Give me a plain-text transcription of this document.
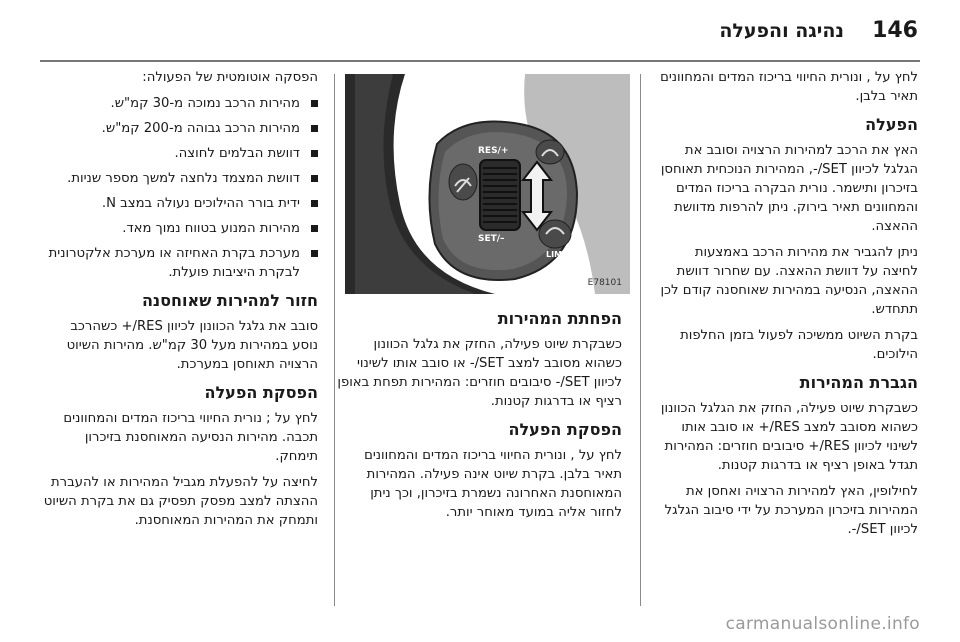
146
נהיגה והפעלה

לחץ על , ונורית החיווי בריכוז המדים והמחוונים תאיר בלבן.

הפעלה

האץ את הרכב למהירות הרצויה וסובב את הגלגל לכיוון SET/-, המהירות הנוכחית תאוחסן בזיכרון ותישמר. נורית הבקרה בריכוז המדים והמחוונים תאיר בירוק. ניתן להרפות מדוושת ההאצה.

ניתן להגביר את מהירות הרכב באמצעות לחיצה על דוושת ההאצה. עם שחרור דוושת ההאצה, הנסיעה במהירות שאוחסנה קודם לכן תתחדש.

בקרת השיוט ממשיכה לפעול בזמן החלפות הילוכים.

הגברת המהירות

כשבקרת שיוט פעילה, החזק את הגלגל הכוונון כשהוא מסובב למצב RES/+ או סובב אותו לשינוי לכיוון RES/+ סיבובים חוזרים: המהירות תגדל באופן רציף או בדרגות קטנות.

לחילופין, האץ למהירות הרצויה ואחסן את המהירות בזיכרון המערכת על ידי סיבוב הגלגל לכיוון SET/-.

RES/+
SET/–
LIM
E78101
הפחתת המהירות

כשבקרת שיוט פעילה, החזק את גלגל הכוונון כשהוא מסובב למצב SET/- או סובב אותו לשינוי לכיוון SET/- סיבובים חוזרים: המהירות תפחת באופן רציף או בדרגות קטנות.

הפסקת הפעלה

לחץ על , ונורית החיווי בריכוז המדים והמחוונים תאיר בלבן. בקרת שיוט אינה פעילה. המהירות המאוחסנת האחרונה נשמרת בזיכרון, וכך ניתן לחזור אליה במועד מאוחר יותר.

הפסקה אוטומטית של הפעולה:

מהירות הרכב נמוכה מ-30 קמ"ש.
מהירות הרכב גבוהה מ-200 קמ"ש.
דוושת הבלמים לחוצה.
דוושת המצמד נלחצה למשך מספר שניות.
ידית בורר ההילוכים נעולה במצב N.
מהירות המנוע בטווח נמוך מאד.
מערכת בקרת האחיזה או מערכת אלקטרונית לבקרת היציבות פועלת.
חזור למהירות שאוחסנה

סובב את גלגל הכוונון לכיוון RES/+ כשהרכב נוסע במהירות מעל 30 קמ"ש. מהירות השיוט הרצויה תאוחסן במערכת.

הפסקת הפעלה

לחץ על ; נורית החיווי בריכוז המדים והמחוונים תכבה. מהירות הנסיעה המאוחסנת בזיכרון תימחק.

לחיצה על להפעלת מגביל המהירות או להעברת ההצתה למצב מפסק תפסיק גם את בקרת השיוט ותמחק את המהירות המאוחסנת.

carmanualsonline.info
